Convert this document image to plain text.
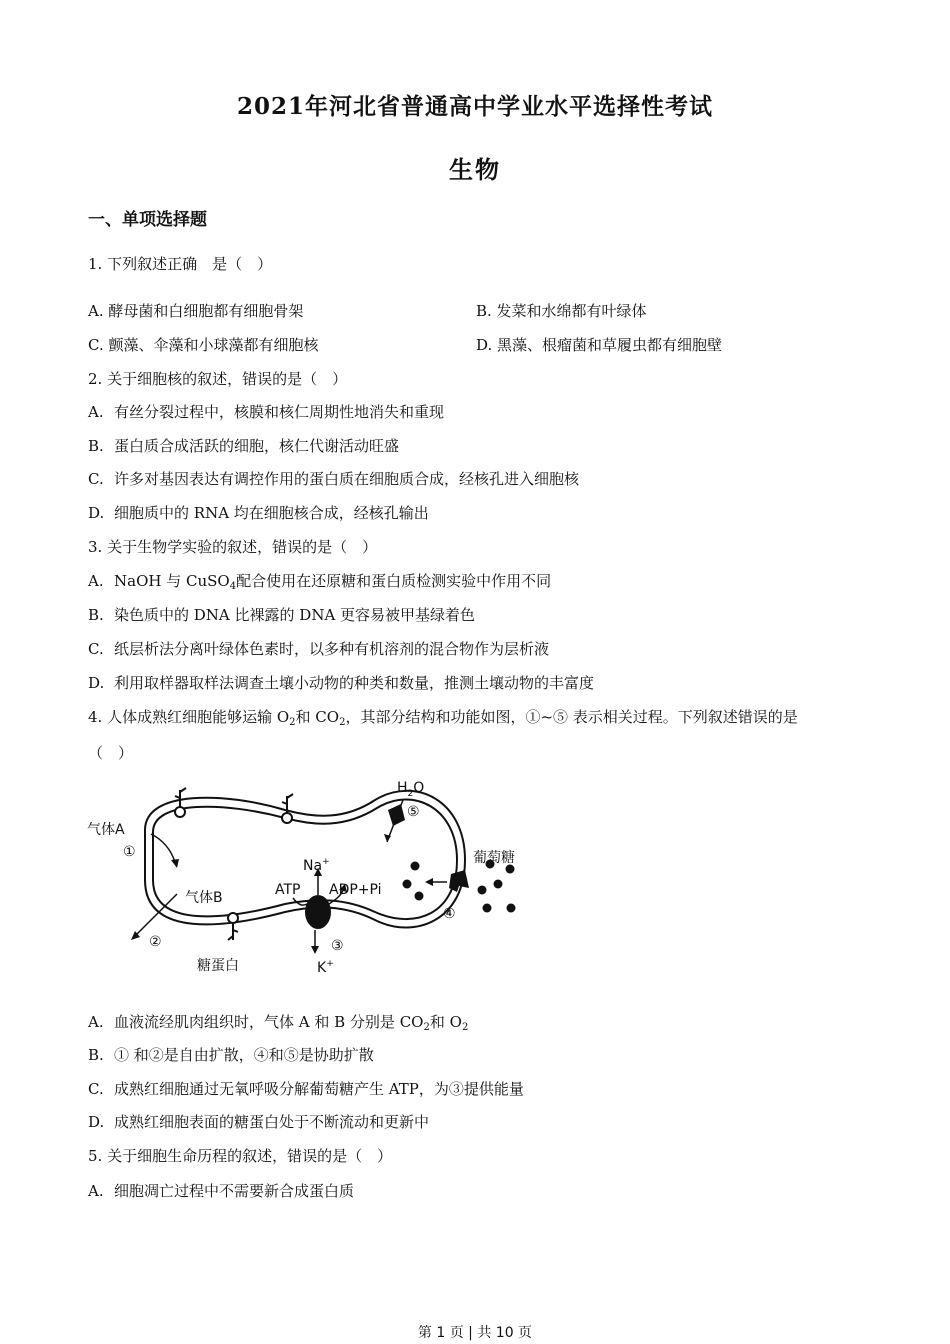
2021年河北省普通高中学业水平选择性考试
生物
一、单项选择题
1. 下列叙述正确　是（　）
A. 酵母菌和白细胞都有细胞骨架	B. 发菜和水绵都有叶绿体
C. 颤藻、伞藻和小球藻都有细胞核	D. 黑藻、根瘤菌和草履虫都有细胞壁
2. 关于细胞核的叙述，错误的是（　）
A. 有丝分裂过程中，核膜和核仁周期性地消失和重现
B. 蛋白质合成活跃的细胞，核仁代谢活动旺盛
C. 许多对基因表达有调控作用的蛋白质在细胞质合成，经核孔进入细胞核
D. 细胞质中的 RNA 均在细胞核合成，经核孔输出
3. 关于生物学实验的叙述，错误的是（　）
A. NaOH 与 CuSO$_4$配合使用在还原糖和蛋白质检测实验中作用不同
B. 染色质中的 DNA 比裸露的 DNA 更容易被甲基绿着色
C. 纸层析法分离叶绿体色素时，以多种有机溶剂的混合物作为层析液
D. 利用取样器取样法调查土壤小动物的种类和数量，推测土壤动物的丰富度
4. 人体成熟红细胞能够运输 $O_2$和 $CO_2$，其部分结构和功能如图，①~⑤ 表示相关过程。下列叙述错误的是
（　）
气体A
①
气体B
②
糖蛋白
ATP ADP+Pi
Na+
③
K+
④
葡萄糖
⑤
$H_2O$
A. 血液流经肌肉组织时，气体 A 和 B 分别是 $CO_2$和 $O_2$
B. ① 和②是自由扩散，④和⑤是协助扩散
C. 成熟红细胞通过无氧呼吸分解葡萄糖产生 ATP，为③提供能量
D. 成熟红细胞表面的糖蛋白处于不断流动和更新中
5. 关于细胞生命历程的叙述，错误的是（　）
A. 细胞凋亡过程中不需要新合成蛋白质
第 1 页 | 共 10 页
